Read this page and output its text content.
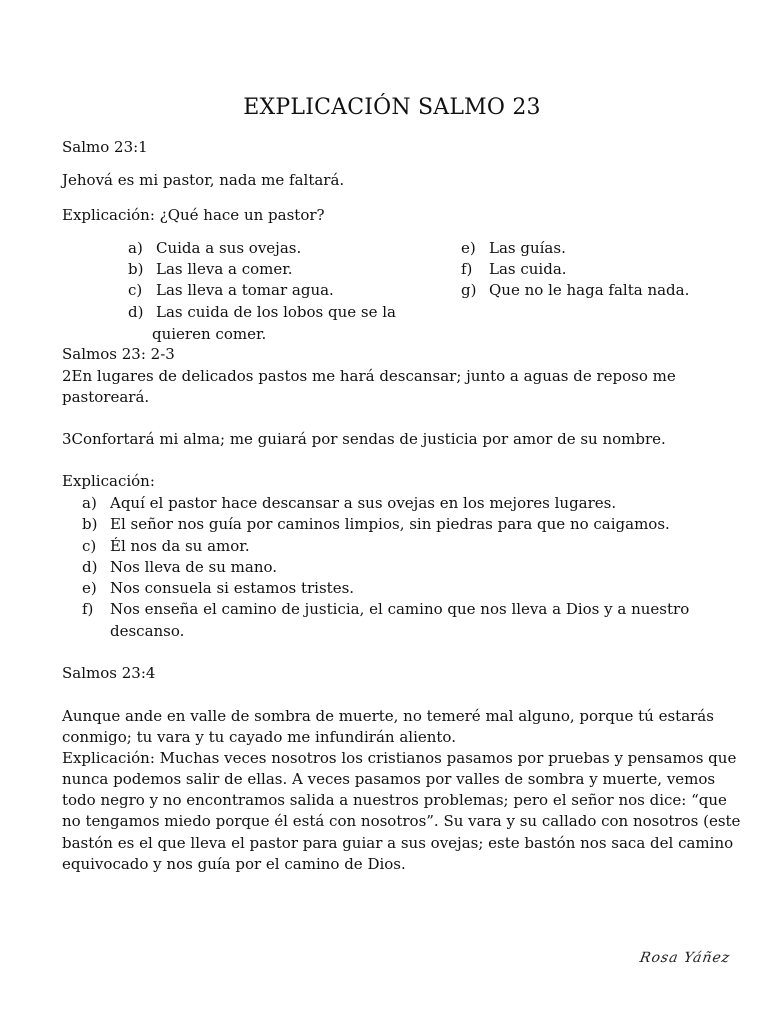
EXPLICACIÓN SALMO 23
Salmo 23:1
Jehová es mi pastor, nada me faltará.
Explicación: ¿Qué hace un pastor?
a) Cuida a sus ovejas.
b) Las lleva a comer.
c) Las lleva a tomar agua.
d) Las cuida de los lobos que se la
quieren comer.
e) Las guías.
f) Las cuida.
g) Que no le haga falta nada.
Salmos 23: 2-3
2En lugares de delicados pastos me hará descansar; junto a aguas de reposo me
pastoreará.
3Confortará mi alma; me guiará por sendas de justicia por amor de su nombre.
Explicación:
a) Aquí el pastor hace descansar a sus ovejas en los mejores lugares.
b) El señor nos guía por caminos limpios, sin piedras para que no caigamos.
c) Él nos da su amor.
d) Nos lleva de su mano.
e) Nos consuela si estamos tristes.
f) Nos enseña el camino de justicia, el camino que nos lleva a Dios y a nuestro
descanso.
Salmos 23:4
Aunque ande en valle de sombra de muerte, no temeré mal alguno, porque tú estarás
conmigo; tu vara y tu cayado me infundirán aliento.
Explicación: Muchas veces nosotros los cristianos pasamos por pruebas y pensamos que
nunca podemos salir de ellas. A veces pasamos por valles de sombra y muerte, vemos
todo negro y no encontramos salida a nuestros problemas; pero el señor nos dice: “que
no tengamos miedo porque él está con nosotros”. Su vara y su callado con nosotros (este
bastón es el que lleva el pastor para guiar a sus ovejas; este bastón nos saca del camino
equivocado y nos guía por el camino de Dios.
Rosa Yáñez
